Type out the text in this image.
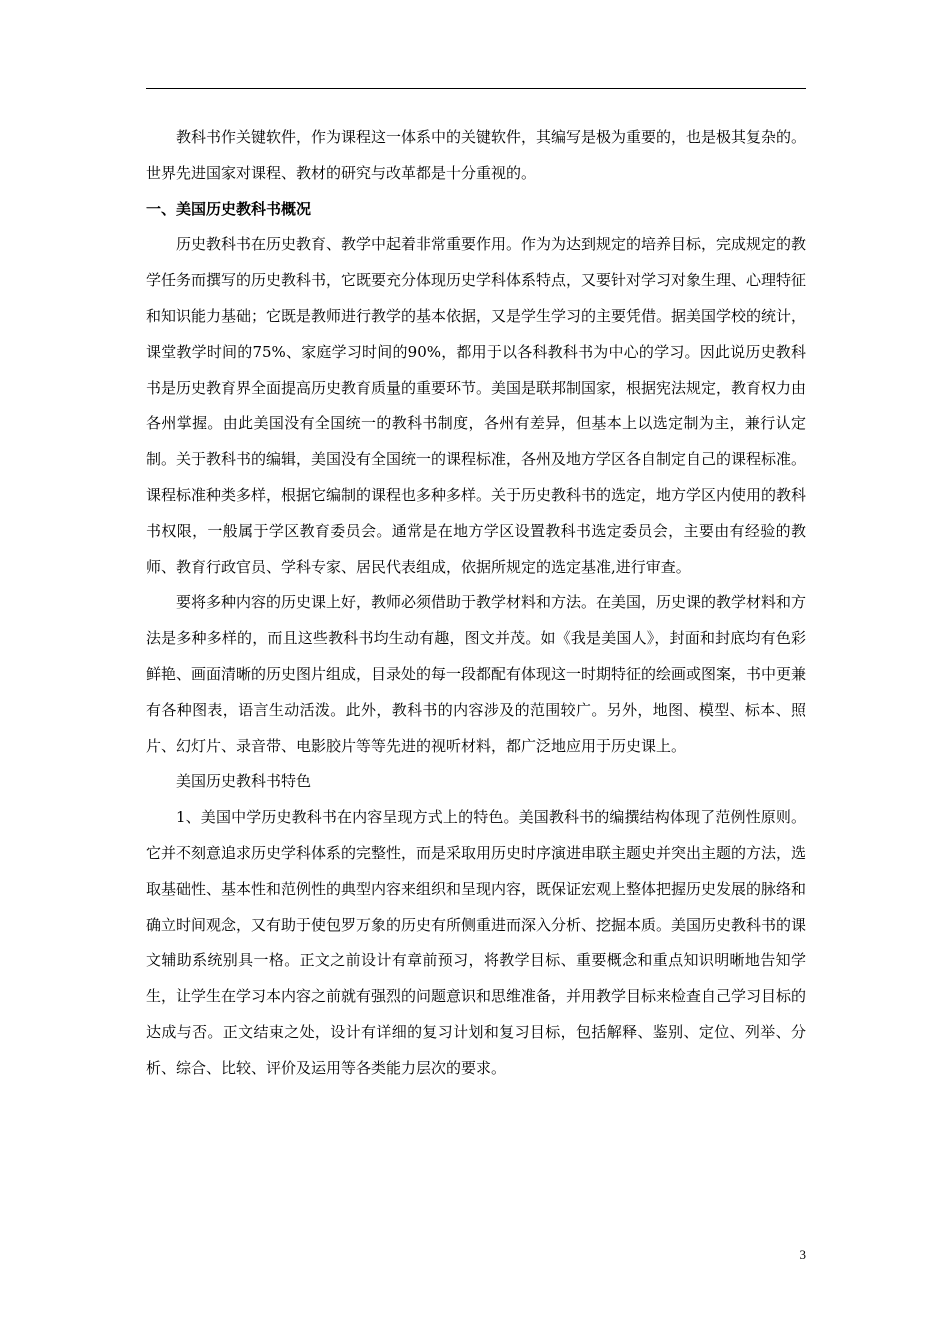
教科书作关键软件，作为课程这一体系中的关键软件，其编写是极为重要的，也是极其复杂的。世界先进国家对课程、教材的研究与改革都是十分重视的。

一、美国历史教科书概况

历史教科书在历史教育、教学中起着非常重要作用。作为为达到规定的培养目标，完成规定的教学任务而撰写的历史教科书，它既要充分体现历史学科体系特点，又要针对学习对象生理、心理特征和知识能力基础；它既是教师进行教学的基本依据，又是学生学习的主要凭借。据美国学校的统计，课堂教学时间的75%、家庭学习时间的90%，都用于以各科教科书为中心的学习。因此说历史教科书是历史教育界全面提高历史教育质量的重要环节。美国是联邦制国家，根据宪法规定，教育权力由各州掌握。由此美国没有全国统一的教科书制度，各州有差异，但基本上以选定制为主，兼行认定制。关于教科书的编辑，美国没有全国统一的课程标准，各州及地方学区各自制定自己的课程标准。课程标准种类多样，根据它编制的课程也多种多样。关于历史教科书的选定，地方学区内使用的教科书权限，一般属于学区教育委员会。通常是在地方学区设置教科书选定委员会，主要由有经验的教师、教育行政官员、学科专家、居民代表组成，依据所规定的选定基准,进行审查。

要将多种内容的历史课上好，教师必须借助于教学材料和方法。在美国，历史课的教学材料和方法是多种多样的，而且这些教科书均生动有趣，图文并茂。如《我是美国人》，封面和封底均有色彩鲜艳、画面清晰的历史图片组成，目录处的每一段都配有体现这一时期特征的绘画或图案，书中更兼有各种图表，语言生动活泼。此外，教科书的内容涉及的范围较广。另外，地图、模型、标本、照片、幻灯片、录音带、电影胶片等等先进的视听材料，都广泛地应用于历史课上。

美国历史教科书特色

1、美国中学历史教科书在内容呈现方式上的特色。美国教科书的编撰结构体现了范例性原则。它并不刻意追求历史学科体系的完整性，而是采取用历史时序演进串联主题史并突出主题的方法，选取基础性、基本性和范例性的典型内容来组织和呈现内容，既保证宏观上整体把握历史发展的脉络和确立时间观念，又有助于使包罗万象的历史有所侧重进而深入分析、挖掘本质。美国历史教科书的课文辅助系统别具一格。正文之前设计有章前预习，将教学目标、重要概念和重点知识明晰地告知学生，让学生在学习本内容之前就有强烈的问题意识和思维准备，并用教学目标来检查自己学习目标的达成与否。正文结束之处，设计有详细的复习计划和复习目标，包括解释、鉴别、定位、列举、分析、综合、比较、评价及运用等各类能力层次的要求。

3
